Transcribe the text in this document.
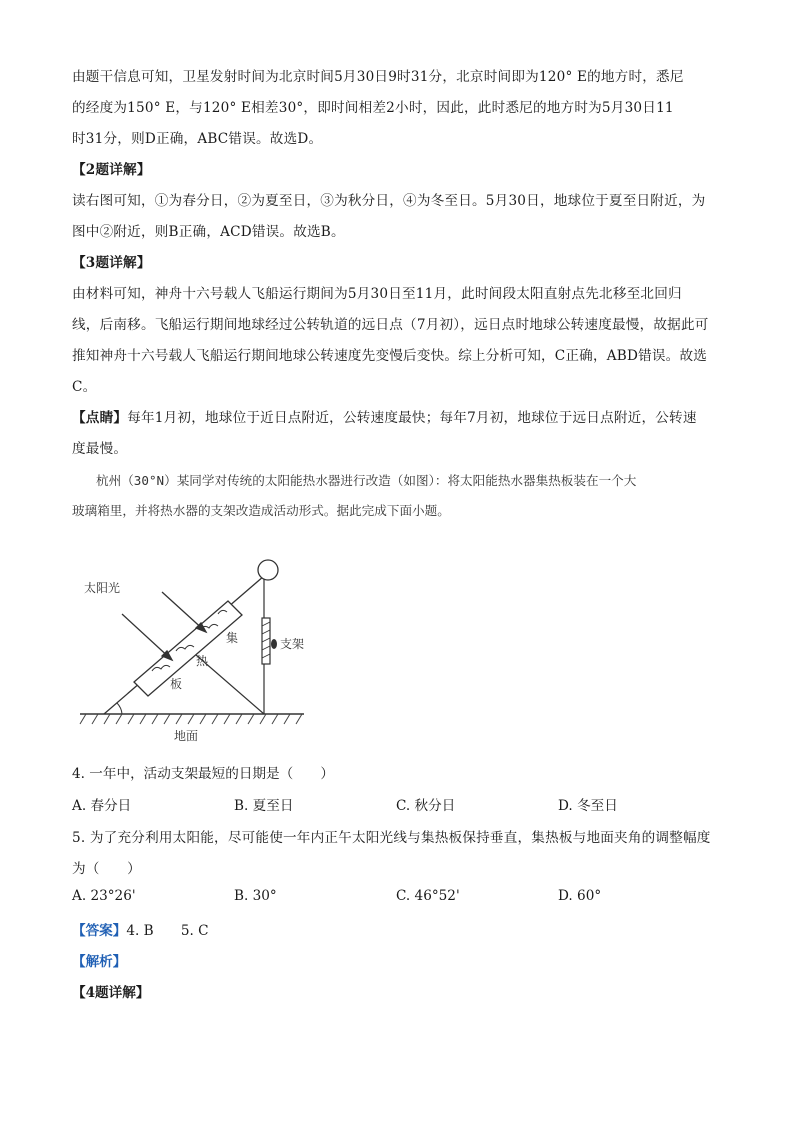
由题干信息可知，卫星发射时间为北京时间5月30日9时31分，北京时间即为120° E的地方时，悉尼
的经度为150° E，与120° E相差30°，即时间相差2小时，因此，此时悉尼的地方时为5月30日11
时31分，则D正确，ABC错误。故选D。
【2题详解】
读右图可知，①为春分日，②为夏至日，③为秋分日，④为冬至日。5月30日，地球位于夏至日附近，为
图中②附近，则B正确，ACD错误。故选B。
【3题详解】
由材料可知，神舟十六号载人飞船运行期间为5月30日至11月，此时间段太阳直射点先北移至北回归
线，后南移。飞船运行期间地球经过公转轨道的远日点（7月初），远日点时地球公转速度最慢，故据此可
推知神舟十六号载人飞船运行期间地球公转速度先变慢后变快。综上分析可知，C正确，ABD错误。故选
C。
【点睛】每年1月初，地球位于近日点附近，公转速度最快；每年7月初，地球位于远日点附近，公转速
度最慢。
杭州（30°N）某同学对传统的太阳能热水器进行改造（如图）：将太阳能热水器集热板装在一个大
玻璃箱里，并将热水器的支架改造成活动形式。据此完成下面小题。
太阳光
集
热
板
支架
地面
4. 一年中，活动支架最短的日期是（　　）
A. 春分日	B. 夏至日	C. 秋分日	D. 冬至日
5. 为了充分利用太阳能，尽可能使一年内正午太阳光线与集热板保持垂直，集热板与地面夹角的调整幅度
为（　　）
A. 23°26'	B. 30°	C. 46°52'	D. 60°
【答案】4. B　　5. C
【解析】
【4题详解】
